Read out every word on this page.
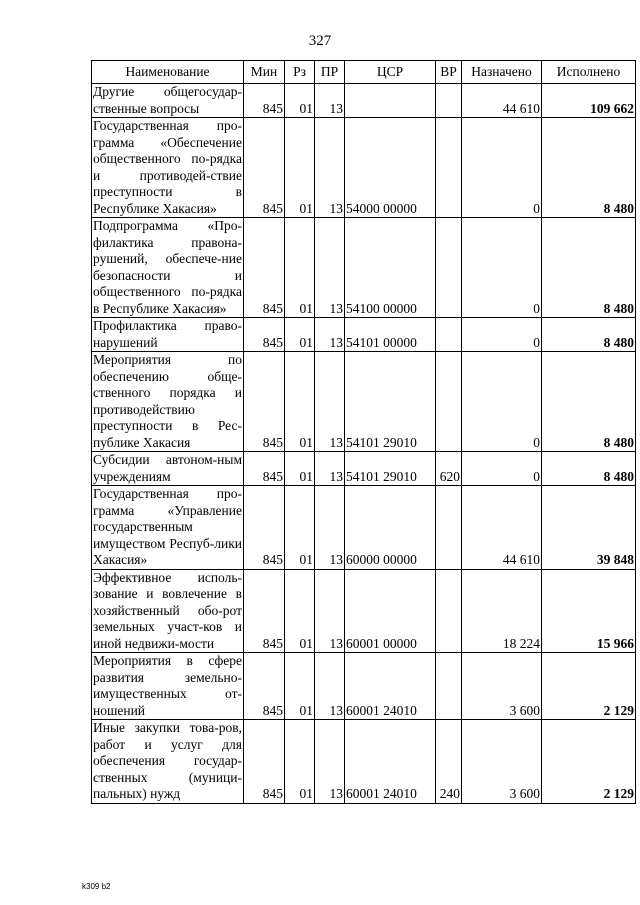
327
Наименование	Мин	Рз	ПР	ЦСР	ВР	Назначено	Исполнено
Другие общегосудар-ственные вопросы	845	01	13			44 610	109 662
Государственная про-грамма «Обеспечение общественного по-рядка и противодей-ствие преступности в Республике Хакасия»	845	01	13	54000 00000		0	8 480
Подпрограмма «Про-филактика правона-рушений, обеспече-ние безопасности и общественного по-рядка в Республике Хакасия»	845	01	13	54100 00000		0	8 480
Профилактика право-нарушений	845	01	13	54101 00000		0	8 480
Мероприятия по обеспечению обще-ственного порядка и противодействию преступности в Рес-публике Хакасия	845	01	13	54101 29010		0	8 480
Субсидии автоном-ным учреждениям	845	01	13	54101 29010	620	0	8 480
Государственная про-грамма «Управление государственным имуществом Респуб-лики Хакасия»	845	01	13	60000 00000		44 610	39 848
Эффективное исполь-зование и вовлечение в хозяйственный обо-рот земельных участ-ков и иной недвижи-мости	845	01	13	60001 00000		18 224	15 966
Мероприятия в сфере развития земельно-имущественных от-ношений	845	01	13	60001 24010		3 600	2 129
Иные закупки това-ров, работ и услуг для обеспечения государ-ственных (муници-пальных) нужд	845	01	13	60001 24010	240	3 600	2 129
k309 b2
